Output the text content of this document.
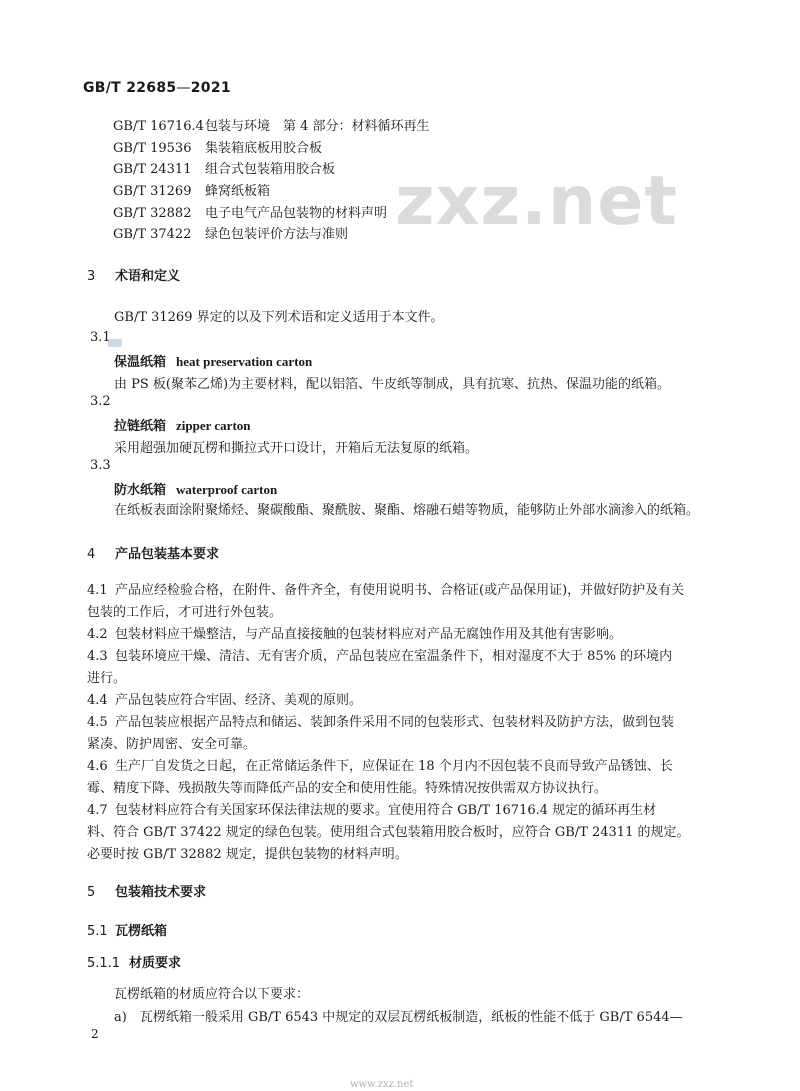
GB/T 22685—2021
zxz.net
GB/T 16716.4包装与环境　第 4 部分：材料循环再生
GB/T 19536 集装箱底板用胶合板
GB/T 24311 组合式包装箱用胶合板
GB/T 31269 蜂窝纸板箱
GB/T 32882 电子电气产品包装物的材料声明
GB/T 37422 绿色包装评价方法与准则
3 术语和定义
GB/T 31269 界定的以及下列术语和定义适用于本文件。
3.1
保温纸箱 heat preservation carton
由 PS 板(聚苯乙烯)为主要材料，配以铝箔、牛皮纸等制成，具有抗寒、抗热、保温功能的纸箱。
3.2
拉链纸箱 zipper carton
采用超强加硬瓦楞和撕拉式开口设计，开箱后无法复原的纸箱。
3.3
防水纸箱 waterproof carton
在纸板表面涂附聚烯烃、聚碳酸酯、聚酰胺、聚酯、熔融石蜡等物质，能够防止外部水滴渗入的纸箱。
4 产品包装基本要求
4.1 产品应经检验合格，在附件、备件齐全，有使用说明书、合格证(或产品保用证)，并做好防护及有关
包装的工作后，才可进行外包装。
4.2 包装材料应干燥整洁，与产品直接接触的包装材料应对产品无腐蚀作用及其他有害影响。
4.3 包装环境应干燥、清洁、无有害介质，产品包装应在室温条件下，相对湿度不大于 85% 的环境内
进行。
4.4 产品包装应符合牢固、经济、美观的原则。
4.5 产品包装应根据产品特点和储运、装卸条件采用不同的包装形式、包装材料及防护方法，做到包装
紧凑、防护周密、安全可靠。
4.6 生产厂自发货之日起，在正常储运条件下，应保证在 18 个月内不因包装不良而导致产品锈蚀、长
霉、精度下降、残损散失等而降低产品的安全和使用性能。特殊情况按供需双方协议执行。
4.7 包装材料应符合有关国家环保法律法规的要求。宜使用符合 GB/T 16716.4 规定的循环再生材
料、符合 GB/T 37422 规定的绿色包装。使用组合式包装箱用胶合板时，应符合 GB/T 24311 的规定。
必要时按 GB/T 32882 规定，提供包装物的材料声明。
5 包装箱技术要求
5.1 瓦楞纸箱
5.1.1 材质要求
瓦楞纸箱的材质应符合以下要求：
a)　瓦楞纸箱一般采用 GB/T 6543 中规定的双层瓦楞纸板制造，纸板的性能不低于 GB/T 6544—
2
www.zxz.net
